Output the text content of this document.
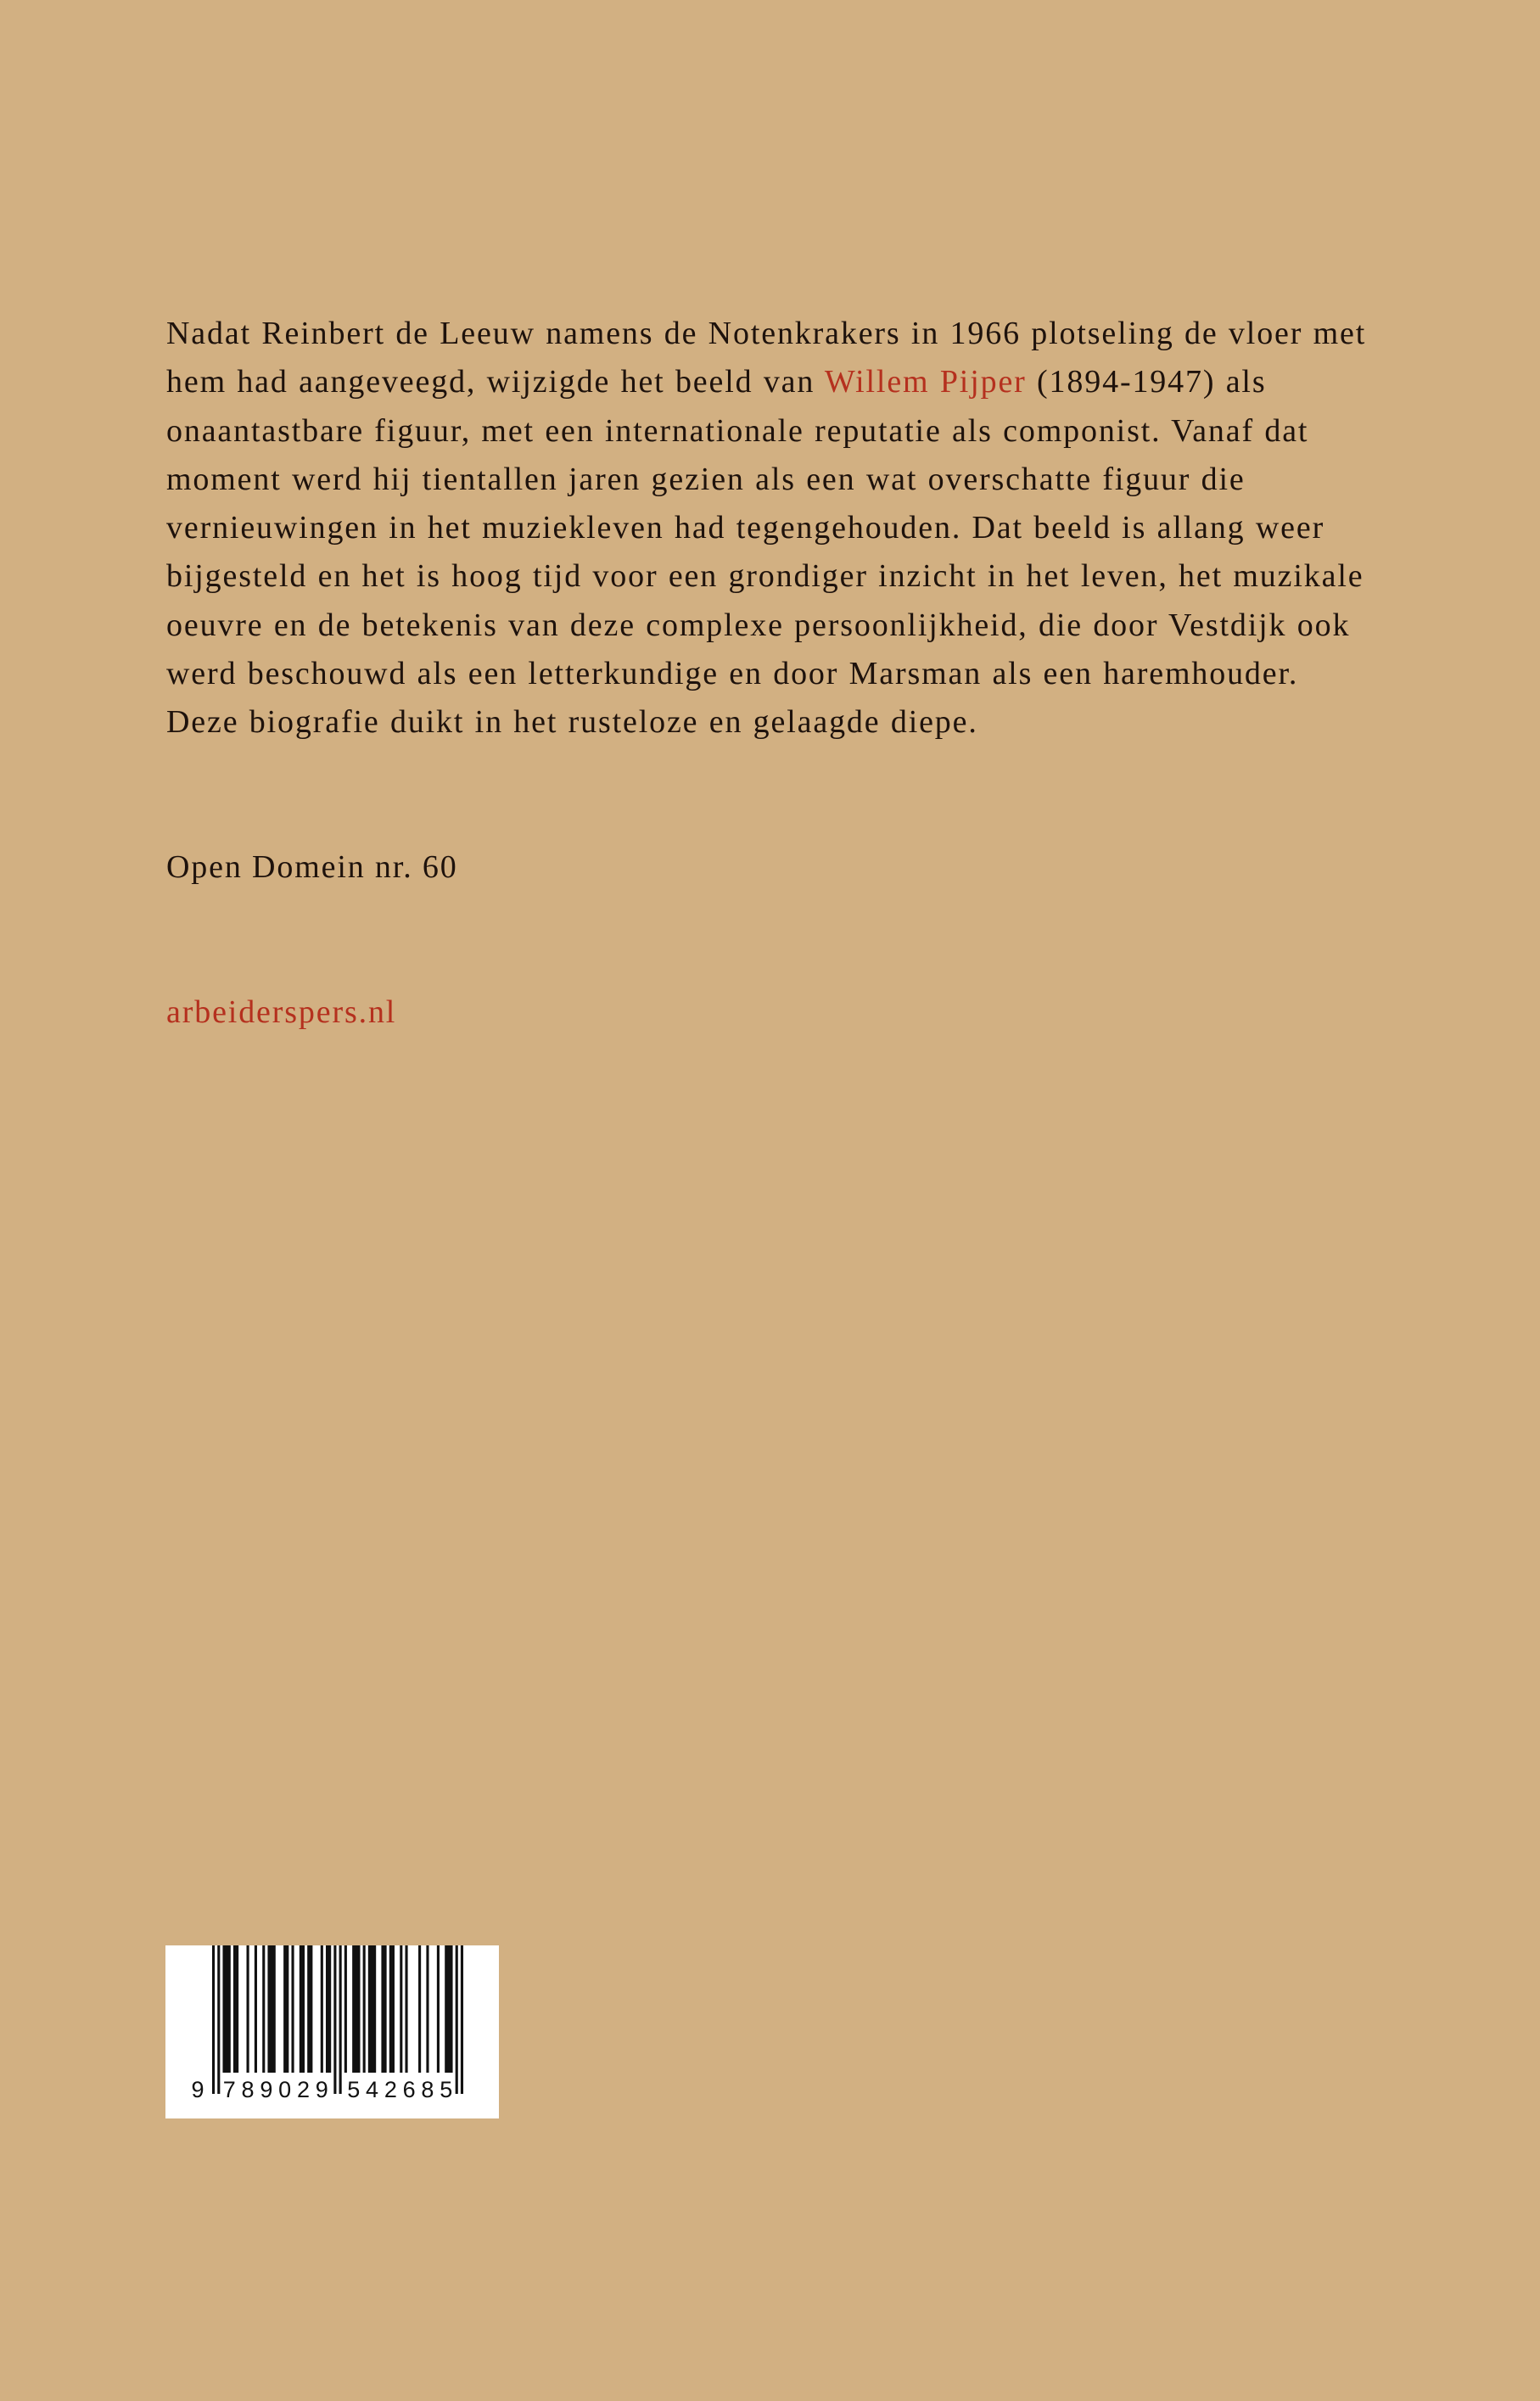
Nadat Reinbert de Leeuw namens de Notenkrakers in 1966 plotseling de vloer met
hem had aangeveegd, wijzigde het beeld van Willem Pijper (1894-1947) als
onaantastbare figuur, met een internationale reputatie als componist. Vanaf dat
moment werd hij tientallen jaren gezien als een wat overschatte figuur die
vernieuwingen in het muziekleven had tegengehouden. Dat beeld is allang weer
bijgesteld en het is hoog tijd voor een grondiger inzicht in het leven, het muzikale
oeuvre en de betekenis van deze complexe persoonlijkheid, die door Vestdijk ook
werd beschouwd als een letterkundige en door Marsman als een haremhouder.
Deze biografie duikt in het rusteloze en gelaagde diepe.
Open Domein nr. 60
arbeiderspers.nl
9 7 8 9 0 2 9 5 4 2 6 8 5
